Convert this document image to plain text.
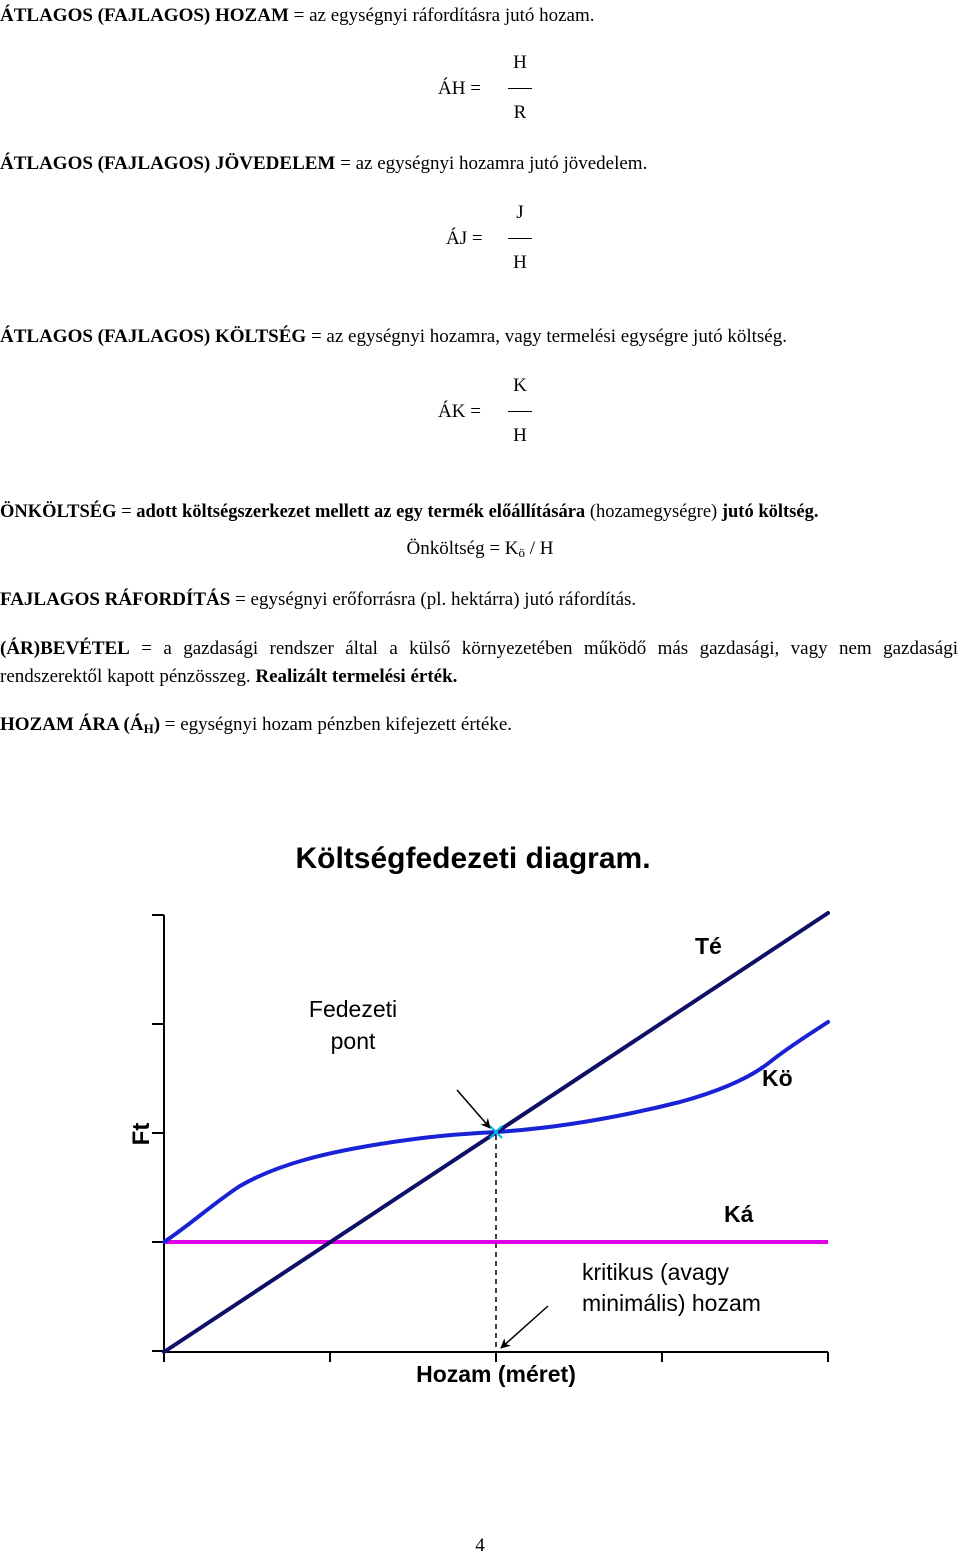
ÁTLAGOS (FAJLAGOS) HOZAM = az egységnyi ráfordításra jutó hozam.
ÁH =
H
R
ÁTLAGOS (FAJLAGOS) JÖVEDELEM = az egységnyi hozamra jutó jövedelem.
ÁJ =
J
H
ÁTLAGOS (FAJLAGOS) KÖLTSÉG = az egységnyi hozamra, vagy termelési egységre jutó költség.
ÁK =
K
H
ÖNKÖLTSÉG = adott költségszerkezet mellett az egy termék előállítására (hozamegységre) jutó költség.
Önköltség = $K_ö$ / H
FAJLAGOS RÁFORDÍTÁS = egységnyi erőforrásra (pl. hektárra) jutó ráfordítás.
(ÁR)BEVÉTEL = a gazdasági rendszer által a külső környezetében működő más gazdasági, vagy nem gazdasági rendszerektől kapott pénzösszeg. Realizált termelési érték.
HOZAM ÁRA $(Á_H)$ = egységnyi hozam pénzben kifejezett értéke.
Költségfedezeti diagram.
Té
Kö
Ká
Fedezeti
pont
kritikus (avagy
minimális) hozam
Ft
Hozam (méret)
4
